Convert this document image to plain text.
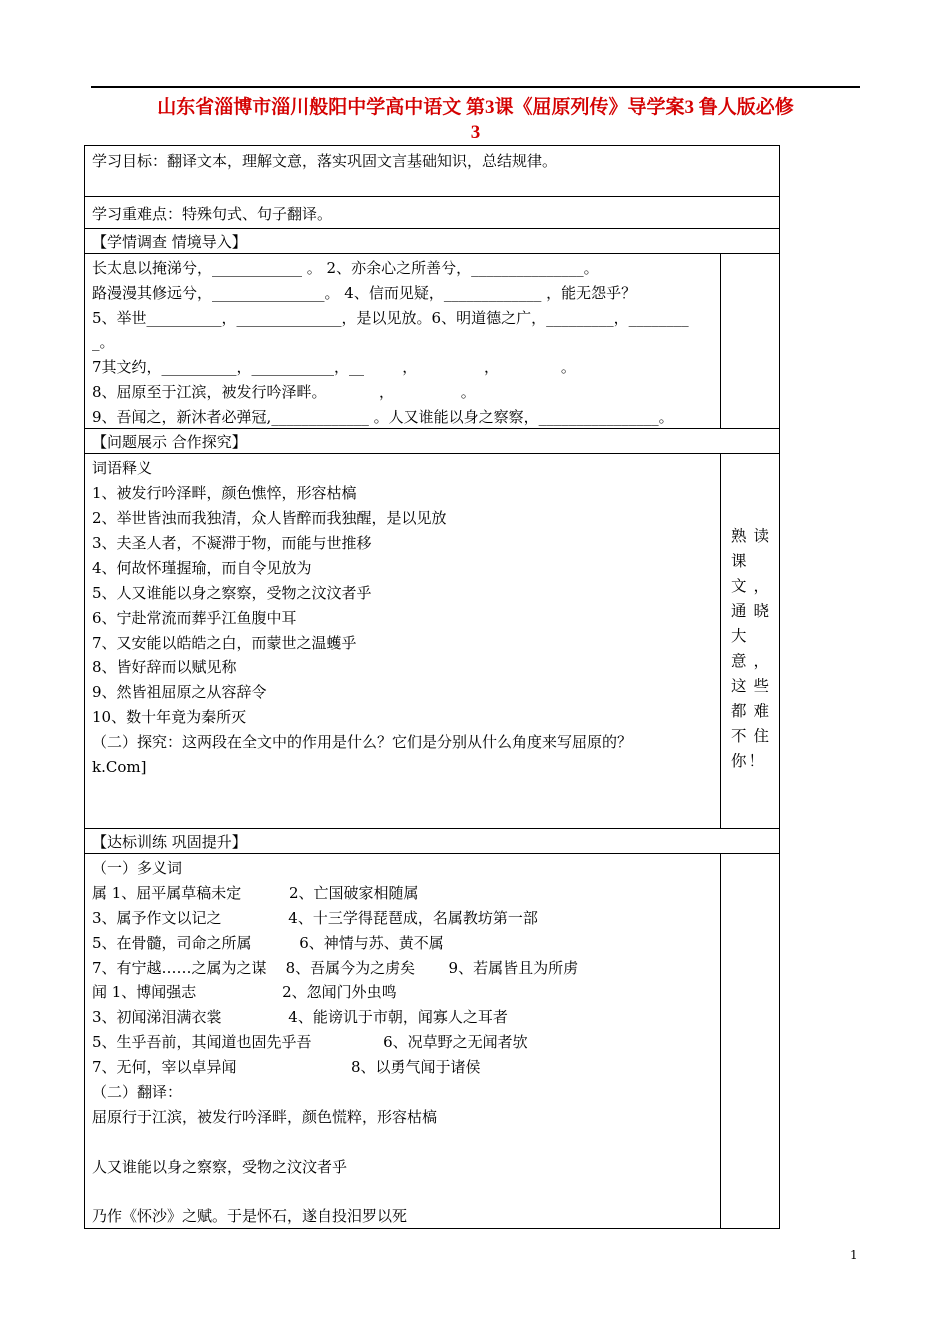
山东省淄博市淄川般阳中学高中语文 第3课《屈原列传》导学案3 鲁人版必修
3
学习目标：翻译文本，理解文意，落实巩固文言基础知识，总结规律。
学习重难点：特殊句式、句子翻译。
【学情调查 情境导入】
长太息以掩涕兮，____________ 。 2、亦余心之所善兮，_______________。
路漫漫其修远兮，_______________。 4、信而见疑，_____________ ，能无怨乎？
5、举世__________，______________，是以见放。6、明道德之广，_________，________
_。
7其文约，__________，___________，__        ，              ，             。
8、屈原至于江滨，被发行吟泽畔。           ，              。
9、吾闻之，新沐者必弹冠,_____________ 。人又谁能以身之察察，________________。
【问题展示 合作探究】
词语释义
1、被发行吟泽畔，颜色憔悴，形容枯槁
2、举世皆浊而我独清，众人皆醉而我独醒，是以见放
3、夫圣人者，不凝滞于物，而能与世推移
4、何故怀瑾握瑜，而自令见放为
5、人又谁能以身之察察，受物之汶汶者乎
6、宁赴常流而葬乎江鱼腹中耳
7、又安能以皓皓之白，而蒙世之温蠖乎
8、皆好辞而以赋见称
9、然皆祖屈原之从容辞令
10、数十年竟为秦所灭
（二）探究：这两段在全文中的作用是什么？它们是分别从什么角度来写屈原的？
k.Com]
熟读课文，通晓大意，这些都难不住你！
【达标训练 巩固提升】
（一）多义词
属 1、屈平属草稿未定          2、亡国破家相随属
3、属予作文以记之              4、十三学得琵琶成，名属教坊第一部
5、在骨髓，司命之所属          6、神情与苏、黄不属
7、有宁越……之属为之谋    8、吾属今为之虏矣       9、若属皆且为所虏
闻 1、博闻强志                  2、忽闻门外虫鸣
3、初闻涕泪满衣裳              4、能谤讥于市朝，闻寡人之耳者
5、生乎吾前，其闻道也固先乎吾               6、况草野之无闻者欤
7、无何，宰以卓异闻                        8、以勇气闻于诸侯
（二）翻译：
屈原行于江滨，被发行吟泽畔，颜色慌粹，形容枯槁
人又谁能以身之察察，受物之汶汶者乎
乃作《怀沙》之赋。于是怀石，遂自投汨罗以死
1
